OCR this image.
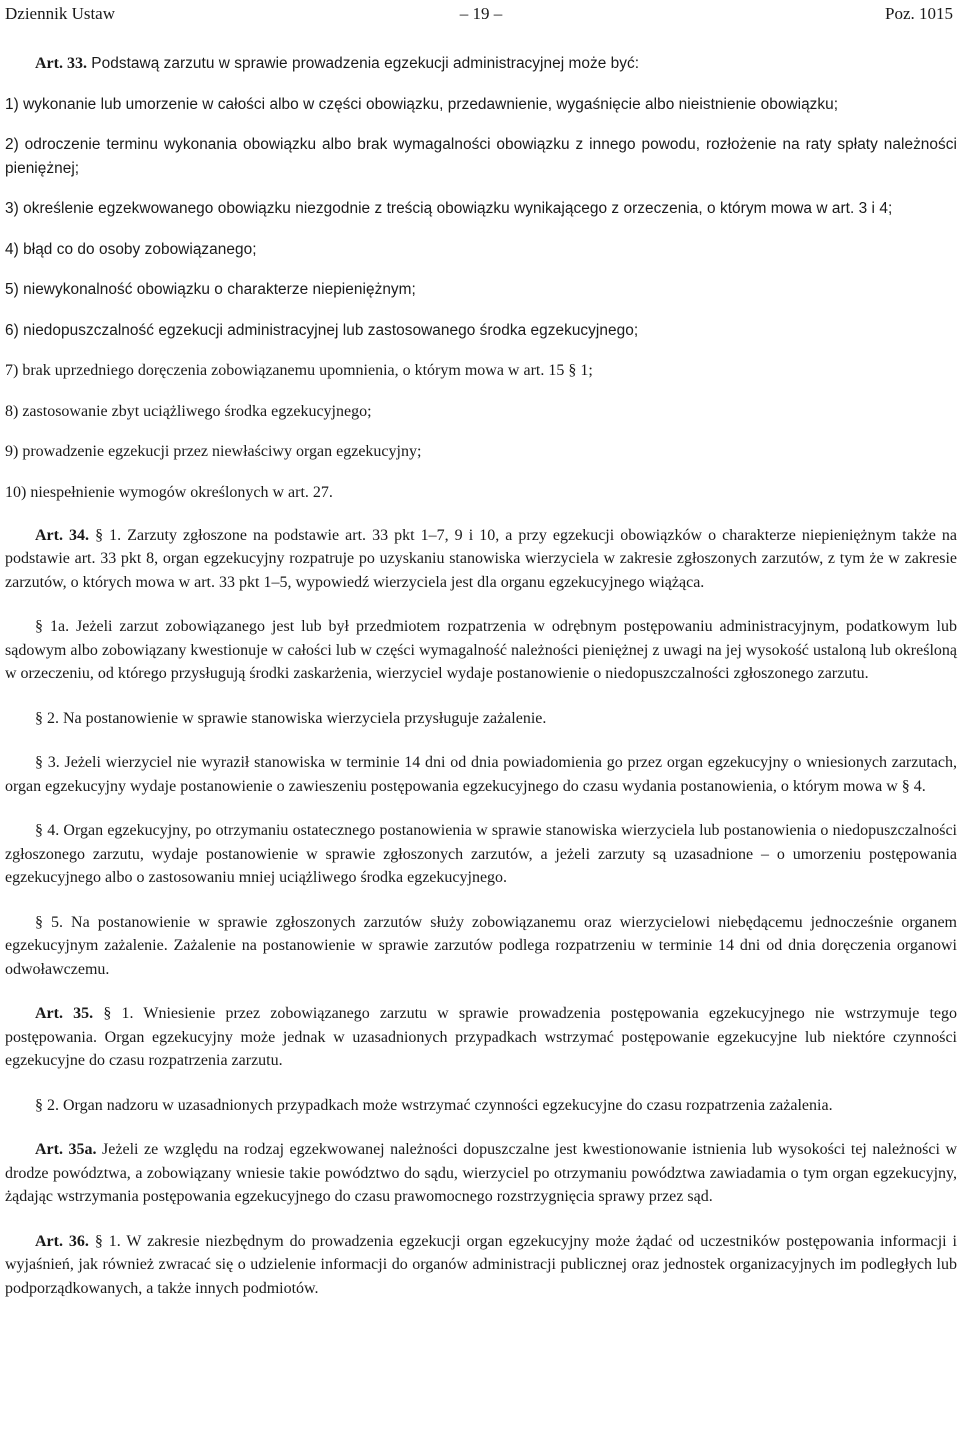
Dziennik Ustaw	– 19 –	Poz. 1015

Art. 33. Podstawą zarzutu w sprawie prowadzenia egzekucji administracyjnej może być:

1) wykonanie lub umorzenie w całości albo w części obowiązku, przedawnienie, wygaśnięcie albo nieistnienie obowiązku;

2) odroczenie terminu wykonania obowiązku albo brak wymagalności obowiązku z innego powodu, rozłożenie na raty spłaty należności pieniężnej;

3) określenie egzekwowanego obowiązku niezgodnie z treścią obowiązku wynikającego z orzeczenia, o którym mowa w art. 3 i 4;

4) błąd co do osoby zobowiązanego;

5) niewykonalność obowiązku o charakterze niepieniężnym;

6) niedopuszczalność egzekucji administracyjnej lub zastosowanego środka egzekucyjnego;

7) brak uprzedniego doręczenia zobowiązanemu upomnienia, o którym mowa w art. 15 § 1;

8) zastosowanie zbyt uciążliwego środka egzekucyjnego;

9) prowadzenie egzekucji przez niewłaściwy organ egzekucyjny;

10) niespełnienie wymogów określonych w art. 27.

Art. 34. § 1. Zarzuty zgłoszone na podstawie art. 33 pkt 1–7, 9 i 10, a przy egzekucji obowiązków o charakterze niepieniężnym także na podstawie art. 33 pkt 8, organ egzekucyjny rozpatruje po uzyskaniu stanowiska wierzyciela w zakresie zgłoszonych zarzutów, z tym że w zakresie zarzutów, o których mowa w art. 33 pkt 1–5, wypowiedź wierzyciela jest dla organu egzekucyjnego wiążąca.

§ 1a. Jeżeli zarzut zobowiązanego jest lub był przedmiotem rozpatrzenia w odrębnym postępowaniu administracyjnym, podatkowym lub sądowym albo zobowiązany kwestionuje w całości lub w części wymagalność należności pieniężnej z uwagi na jej wysokość ustaloną lub określoną w orzeczeniu, od którego przysługują środki zaskarżenia, wierzyciel wydaje postanowienie o niedopuszczalności zgłoszonego zarzutu.

§ 2. Na postanowienie w sprawie stanowiska wierzyciela przysługuje zażalenie.

§ 3. Jeżeli wierzyciel nie wyraził stanowiska w terminie 14 dni od dnia powiadomienia go przez organ egzekucyjny o wniesionych zarzutach, organ egzekucyjny wydaje postanowienie o zawieszeniu postępowania egzekucyjnego do czasu wydania postanowienia, o którym mowa w § 4.

§ 4. Organ egzekucyjny, po otrzymaniu ostatecznego postanowienia w sprawie stanowiska wierzyciela lub postanowienia o niedopuszczalności zgłoszonego zarzutu, wydaje postanowienie w sprawie zgłoszonych zarzutów, a jeżeli zarzuty są uzasadnione – o umorzeniu postępowania egzekucyjnego albo o zastosowaniu mniej uciążliwego środka egzekucyjnego.

§ 5. Na postanowienie w sprawie zgłoszonych zarzutów służy zobowiązanemu oraz wierzycielowi niebędącemu jednocześnie organem egzekucyjnym zażalenie. Zażalenie na postanowienie w sprawie zarzutów podlega rozpatrzeniu w terminie 14 dni od dnia doręczenia organowi odwoławczemu.

Art. 35. § 1. Wniesienie przez zobowiązanego zarzutu w sprawie prowadzenia postępowania egzekucyjnego nie wstrzymuje tego postępowania. Organ egzekucyjny może jednak w uzasadnionych przypadkach wstrzymać postępowanie egzekucyjne lub niektóre czynności egzekucyjne do czasu rozpatrzenia zarzutu.

§ 2. Organ nadzoru w uzasadnionych przypadkach może wstrzymać czynności egzekucyjne do czasu rozpatrzenia zażalenia.

Art. 35a. Jeżeli ze względu na rodzaj egzekwowanej należności dopuszczalne jest kwestionowanie istnienia lub wysokości tej należności w drodze powództwa, a zobowiązany wniesie takie powództwo do sądu, wierzyciel po otrzymaniu powództwa zawiadamia o tym organ egzekucyjny, żądając wstrzymania postępowania egzekucyjnego do czasu prawomocnego rozstrzygnięcia sprawy przez sąd.

Art. 36. § 1. W zakresie niezbędnym do prowadzenia egzekucji organ egzekucyjny może żądać od uczestników postępowania informacji i wyjaśnień, jak również zwracać się o udzielenie informacji do organów administracji publicznej oraz jednostek organizacyjnych im podległych lub podporządkowanych, a także innych podmiotów.
